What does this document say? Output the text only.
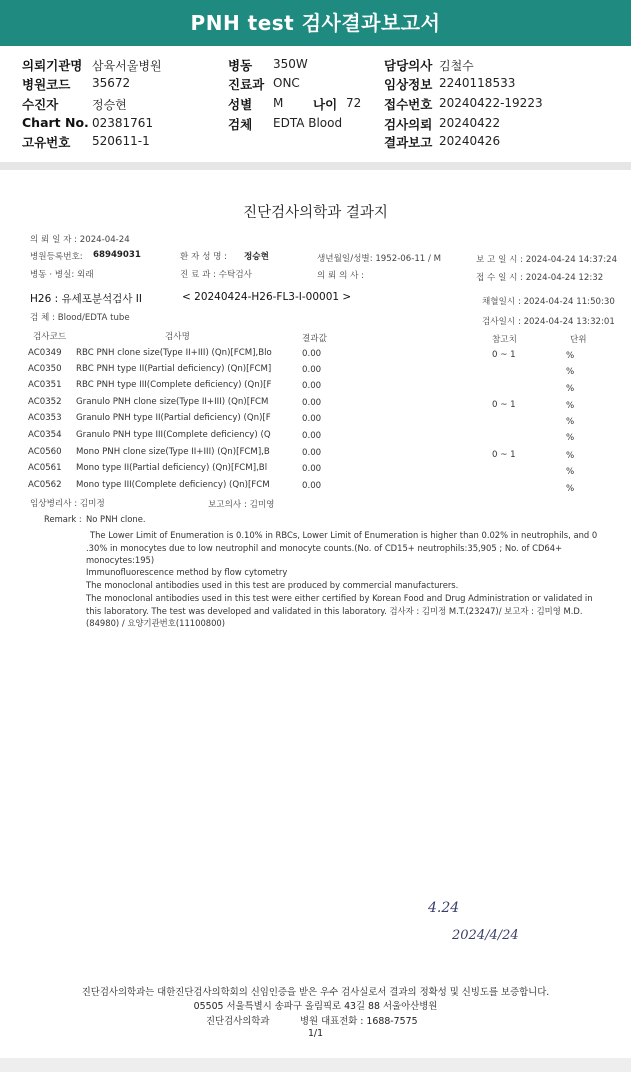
PNH test 검사결과보고서
의뢰기관명 삼육서울병원
병원코드 35672
수진자	정승현
Chart No. 02381761
고유번호 520611-1
병동 350W
진료과 ONC
성별 M 나이 72
검체 EDTA Blood
담당의사 김철수
임상정보 2240118533
접수번호 20240422-19223
검사의뢰 20240422
결과보고 20240426
진단검사의학과 결과지
의 뢰 일 자 : 2024-04-24
병원등록번호: 68949031	환 자 성 명 : 정승현	생년월일/성별: 1952-06-11 / M	보 고 일 시 : 2024-04-24 14:37:24
병동 · 병실: 외래	진 료 과 : 수탁검사	의 뢰 의 사 :	접 수 일 시 : 2024-04-24 12:32
H26 : 유세포분석검사 II	< 20240424-H26-FL3-I-00001 >	채혈일시 : 2024-04-24 11:50:30
검 체 : Blood/EDTA tube	검사일시 : 2024-04-24 13:32:01
검사코드	검사명	결과값	참고치	단위
AC0349 RBC PNH clone size(Type II+III) (Qn)[FCM],Blo	0.00	0 ~ 1	%
AC0350 RBC PNH type II(Partial deficiency) (Qn)[FCM]	0.00	%
AC0351 RBC PNH type III(Complete deficiency) (Qn)[F	0.00	%
AC0352 Granulo PNH clone size(Type II+III) (Qn)[FCM	0.00	0 ~ 1	%
AC0353 Granulo PNH type II(Partial deficiency) (Qn)[F	0.00	%
AC0354 Granulo PNH type III(Complete deficiency) (Q	0.00	%
AC0560 Mono PNH clone size(Type II+III) (Qn)[FCM],B	0.00	0 ~ 1	%
AC0561 Mono type II(Partial deficiency) (Qn)[FCM],Bl	0.00	%
AC0562 Mono type III(Complete deficiency) (Qn)[FCM	0.00	%
임상병리사 : 김미정	보고의사 : 김미영
Remark : No PNH clone.
The Lower Limit of Enumeration is 0.10% in RBCs, Lower Limit of Enumeration is higher than 0.02% in neutrophils, and 0
.30% in monocytes due to low neutrophil and monocyte counts.(No. of CD15+ neutrophils:35,905 ; No. of CD64+
monocytes:195)
Immunofluorescence method by flow cytometry
The monoclonal antibodies used in this test are produced by commercial manufacturers.
The monoclonal antibodies used in this test were either certified by Korean Food and Drug Administration or validated in
this laboratory. The test was developed and validated in this laboratory. 검사자 : 김미정 M.T.(23247)/ 보고자 : 김미영 M.D.
(84980) / 요양기관번호(11100800)
4.24
2024/4/24
진단검사의학과는 대한진단검사의학회의 신임인증을 받은 우수 검사실로서 결과의 정확성 및 신빙도를 보증합니다.
05505 서울특별시 송파구 올림픽로 43길 88 서울아산병원
진단검사의학과	병원 대표전화 : 1688-7575
1/1
